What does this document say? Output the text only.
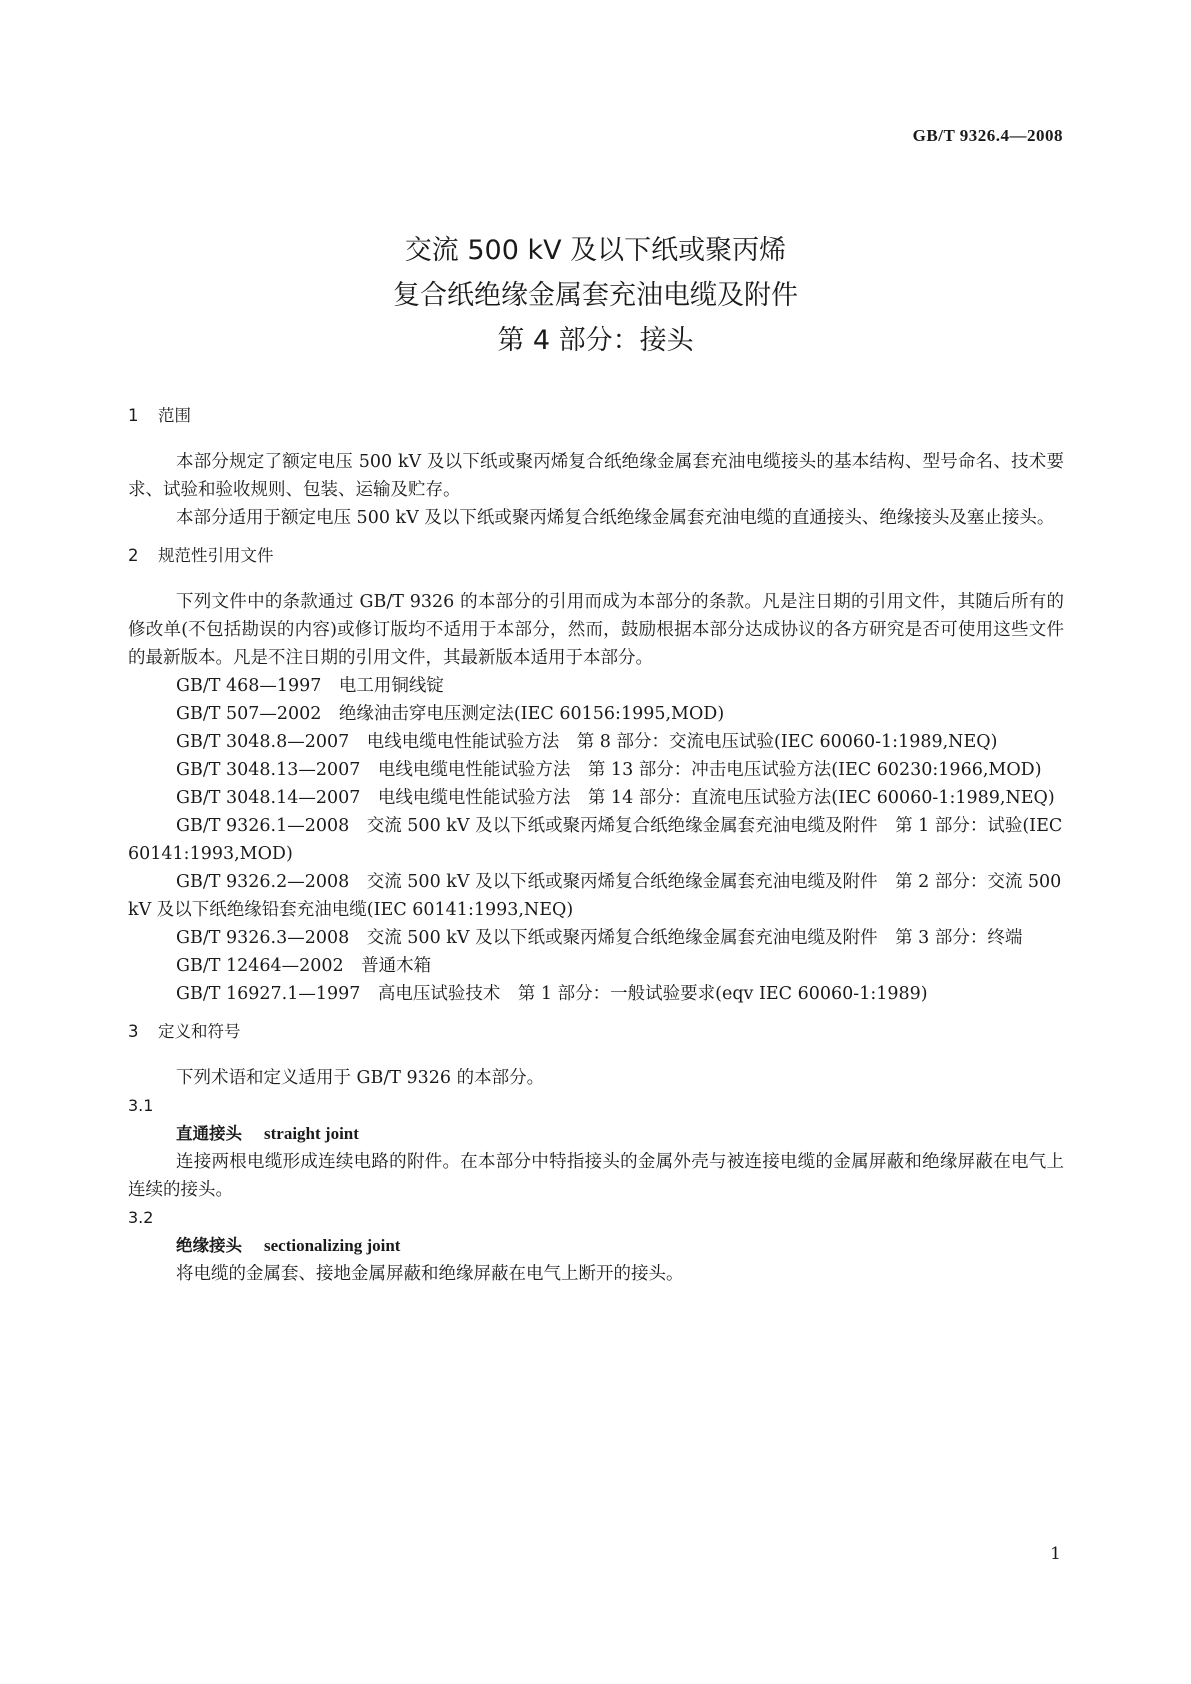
GB/T 9326.4—2008
交流 500 kV 及以下纸或聚丙烯
复合纸绝缘金属套充油电缆及附件
第 4 部分：接头

1 范围

本部分规定了额定电压 500 kV 及以下纸或聚丙烯复合纸绝缘金属套充油电缆接头的基本结构、型号命名、技术要求、试验和验收规则、包装、运输及贮存。

本部分适用于额定电压 500 kV 及以下纸或聚丙烯复合纸绝缘金属套充油电缆的直通接头、绝缘接头及塞止接头。

2 规范性引用文件

下列文件中的条款通过 GB/T 9326 的本部分的引用而成为本部分的条款。凡是注日期的引用文件，其随后所有的修改单(不包括勘误的内容)或修订版均不适用于本部分，然而，鼓励根据本部分达成协议的各方研究是否可使用这些文件的最新版本。凡是不注日期的引用文件，其最新版本适用于本部分。

GB/T 468—1997　电工用铜线锭

GB/T 507—2002　绝缘油击穿电压测定法(IEC 60156:1995,MOD)

GB/T 3048.8—2007　电线电缆电性能试验方法　第 8 部分：交流电压试验(IEC 60060-1:1989,NEQ)

GB/T 3048.13—2007　电线电缆电性能试验方法　第 13 部分：冲击电压试验方法(IEC 60230:1966,MOD)

GB/T 3048.14—2007　电线电缆电性能试验方法　第 14 部分：直流电压试验方法(IEC 60060-1:1989,NEQ)

GB/T 9326.1—2008　交流 500 kV 及以下纸或聚丙烯复合纸绝缘金属套充油电缆及附件　第 1 部分：试验(IEC 60141:1993,MOD)

GB/T 9326.2—2008　交流 500 kV 及以下纸或聚丙烯复合纸绝缘金属套充油电缆及附件　第 2 部分：交流 500 kV 及以下纸绝缘铅套充油电缆(IEC 60141:1993,NEQ)

GB/T 9326.3—2008　交流 500 kV 及以下纸或聚丙烯复合纸绝缘金属套充油电缆及附件　第 3 部分：终端

GB/T 12464—2002　普通木箱

GB/T 16927.1—1997　高电压试验技术　第 1 部分：一般试验要求(eqv IEC 60060-1:1989)

3 定义和符号

下列术语和定义适用于 GB/T 9326 的本部分。

3.1

直通接头 straight joint

连接两根电缆形成连续电路的附件。在本部分中特指接头的金属外壳与被连接电缆的金属屏蔽和绝缘屏蔽在电气上连续的接头。

3.2

绝缘接头 sectionalizing joint

将电缆的金属套、接地金属屏蔽和绝缘屏蔽在电气上断开的接头。

1
